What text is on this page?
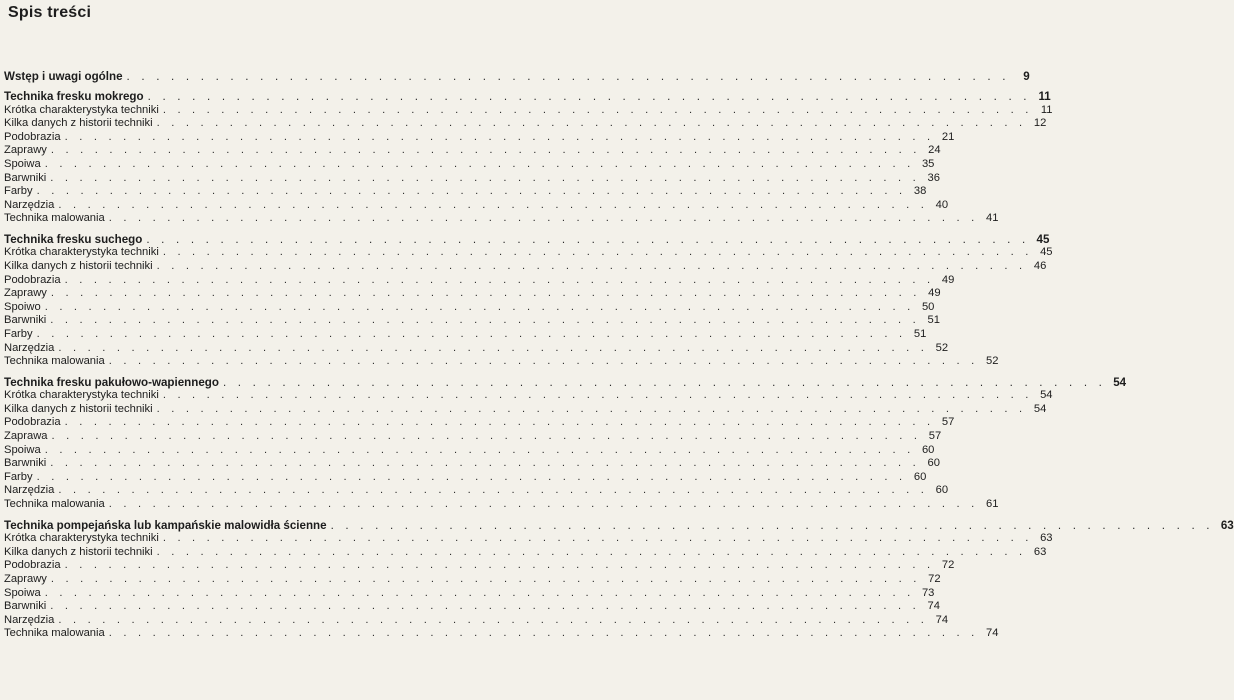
Spis treści
Wstęp i uwagi ogólne . . . . . . . . . . . . . . . . . . . . . . . . . . . . . . . . . . . . . . . . . . . . . . . . . . . . . . . . . . . .	9
Technika fresku mokrego . . . . . . . . . . . . . . . . . . . . . . . . . . . . . . . . . . . . . . . . . . . . . . . . . . . . . . . . . . . . 11
Krótka charakterystyka techniki . . . . . . . . . . . . . . . . . . . . . . . . . . . . . . . . . . . . . . . . . . . . . . . . . . . . . . . . . . . . 11
Kilka danych z historii techniki . . . . . . . . . . . . . . . . . . . . . . . . . . . . . . . . . . . . . . . . . . . . . . . . . . . . . . . . . . . . 12
Podobrazia . . . . . . . . . . . . . . . . . . . . . . . . . . . . . . . . . . . . . . . . . . . . . . . . . . . . . . . . . . . . 21
Zaprawy . . . . . . . . . . . . . . . . . . . . . . . . . . . . . . . . . . . . . . . . . . . . . . . . . . . . . . . . . . . . 24
Spoiwa . . . . . . . . . . . . . . . . . . . . . . . . . . . . . . . . . . . . . . . . . . . . . . . . . . . . . . . . . . . . 35
Barwniki . . . . . . . . . . . . . . . . . . . . . . . . . . . . . . . . . . . . . . . . . . . . . . . . . . . . . . . . . . . . 36
Farby . . . . . . . . . . . . . . . . . . . . . . . . . . . . . . . . . . . . . . . . . . . . . . . . . . . . . . . . . . . . 38
Narzędzia . . . . . . . . . . . . . . . . . . . . . . . . . . . . . . . . . . . . . . . . . . . . . . . . . . . . . . . . . . . . 40
Technika malowania . . . . . . . . . . . . . . . . . . . . . . . . . . . . . . . . . . . . . . . . . . . . . . . . . . . . . . . . . . . . 41
Technika fresku suchego . . . . . . . . . . . . . . . . . . . . . . . . . . . . . . . . . . . . . . . . . . . . . . . . . . . . . . . . . . . . 45
Krótka charakterystyka techniki . . . . . . . . . . . . . . . . . . . . . . . . . . . . . . . . . . . . . . . . . . . . . . . . . . . . . . . . . . . . 45
Kilka danych z historii techniki . . . . . . . . . . . . . . . . . . . . . . . . . . . . . . . . . . . . . . . . . . . . . . . . . . . . . . . . . . . . 46
Podobrazia . . . . . . . . . . . . . . . . . . . . . . . . . . . . . . . . . . . . . . . . . . . . . . . . . . . . . . . . . . . . 49
Zaprawy . . . . . . . . . . . . . . . . . . . . . . . . . . . . . . . . . . . . . . . . . . . . . . . . . . . . . . . . . . . . 49
Spoiwo . . . . . . . . . . . . . . . . . . . . . . . . . . . . . . . . . . . . . . . . . . . . . . . . . . . . . . . . . . . . 50
Barwniki . . . . . . . . . . . . . . . . . . . . . . . . . . . . . . . . . . . . . . . . . . . . . . . . . . . . . . . . . . . . 51
Farby . . . . . . . . . . . . . . . . . . . . . . . . . . . . . . . . . . . . . . . . . . . . . . . . . . . . . . . . . . . . 51
Narzędzia . . . . . . . . . . . . . . . . . . . . . . . . . . . . . . . . . . . . . . . . . . . . . . . . . . . . . . . . . . . . 52
Technika malowania . . . . . . . . . . . . . . . . . . . . . . . . . . . . . . . . . . . . . . . . . . . . . . . . . . . . . . . . . . . . 52
Technika fresku pakułowo-wapiennego . . . . . . . . . . . . . . . . . . . . . . . . . . . . . . . . . . . . . . . . . . . . . . . . . . . . . . . . . . . . 54
Krótka charakterystyka techniki . . . . . . . . . . . . . . . . . . . . . . . . . . . . . . . . . . . . . . . . . . . . . . . . . . . . . . . . . . . . 54
Kilka danych z historii techniki . . . . . . . . . . . . . . . . . . . . . . . . . . . . . . . . . . . . . . . . . . . . . . . . . . . . . . . . . . . . 54
Podobrazia . . . . . . . . . . . . . . . . . . . . . . . . . . . . . . . . . . . . . . . . . . . . . . . . . . . . . . . . . . . . 57
Zaprawa . . . . . . . . . . . . . . . . . . . . . . . . . . . . . . . . . . . . . . . . . . . . . . . . . . . . . . . . . . . . 57
Spoiwa . . . . . . . . . . . . . . . . . . . . . . . . . . . . . . . . . . . . . . . . . . . . . . . . . . . . . . . . . . . . 60
Barwniki . . . . . . . . . . . . . . . . . . . . . . . . . . . . . . . . . . . . . . . . . . . . . . . . . . . . . . . . . . . . 60
Farby . . . . . . . . . . . . . . . . . . . . . . . . . . . . . . . . . . . . . . . . . . . . . . . . . . . . . . . . . . . . 60
Narzędzia . . . . . . . . . . . . . . . . . . . . . . . . . . . . . . . . . . . . . . . . . . . . . . . . . . . . . . . . . . . . 60
Technika malowania . . . . . . . . . . . . . . . . . . . . . . . . . . . . . . . . . . . . . . . . . . . . . . . . . . . . . . . . . . . . 61
Technika pompejańska lub kampańskie malowidła ścienne . . . . . . . . . . . . . . . . . . . . . . . . . . . . . . . . . . . . . . . . . . . . . . . . . . . . . . . . . . . . 63
Krótka charakterystyka techniki . . . . . . . . . . . . . . . . . . . . . . . . . . . . . . . . . . . . . . . . . . . . . . . . . . . . . . . . . . . . 63
Kilka danych z historii techniki . . . . . . . . . . . . . . . . . . . . . . . . . . . . . . . . . . . . . . . . . . . . . . . . . . . . . . . . . . . . 63
Podobrazia . . . . . . . . . . . . . . . . . . . . . . . . . . . . . . . . . . . . . . . . . . . . . . . . . . . . . . . . . . . . 72
Zaprawy . . . . . . . . . . . . . . . . . . . . . . . . . . . . . . . . . . . . . . . . . . . . . . . . . . . . . . . . . . . . 72
Spoiwa . . . . . . . . . . . . . . . . . . . . . . . . . . . . . . . . . . . . . . . . . . . . . . . . . . . . . . . . . . . . 73
Barwniki . . . . . . . . . . . . . . . . . . . . . . . . . . . . . . . . . . . . . . . . . . . . . . . . . . . . . . . . . . . . 74
Narzędzia . . . . . . . . . . . . . . . . . . . . . . . . . . . . . . . . . . . . . . . . . . . . . . . . . . . . . . . . . . . . 74
Technika malowania . . . . . . . . . . . . . . . . . . . . . . . . . . . . . . . . . . . . . . . . . . . . . . . . . . . . . . . . . . . . 74
